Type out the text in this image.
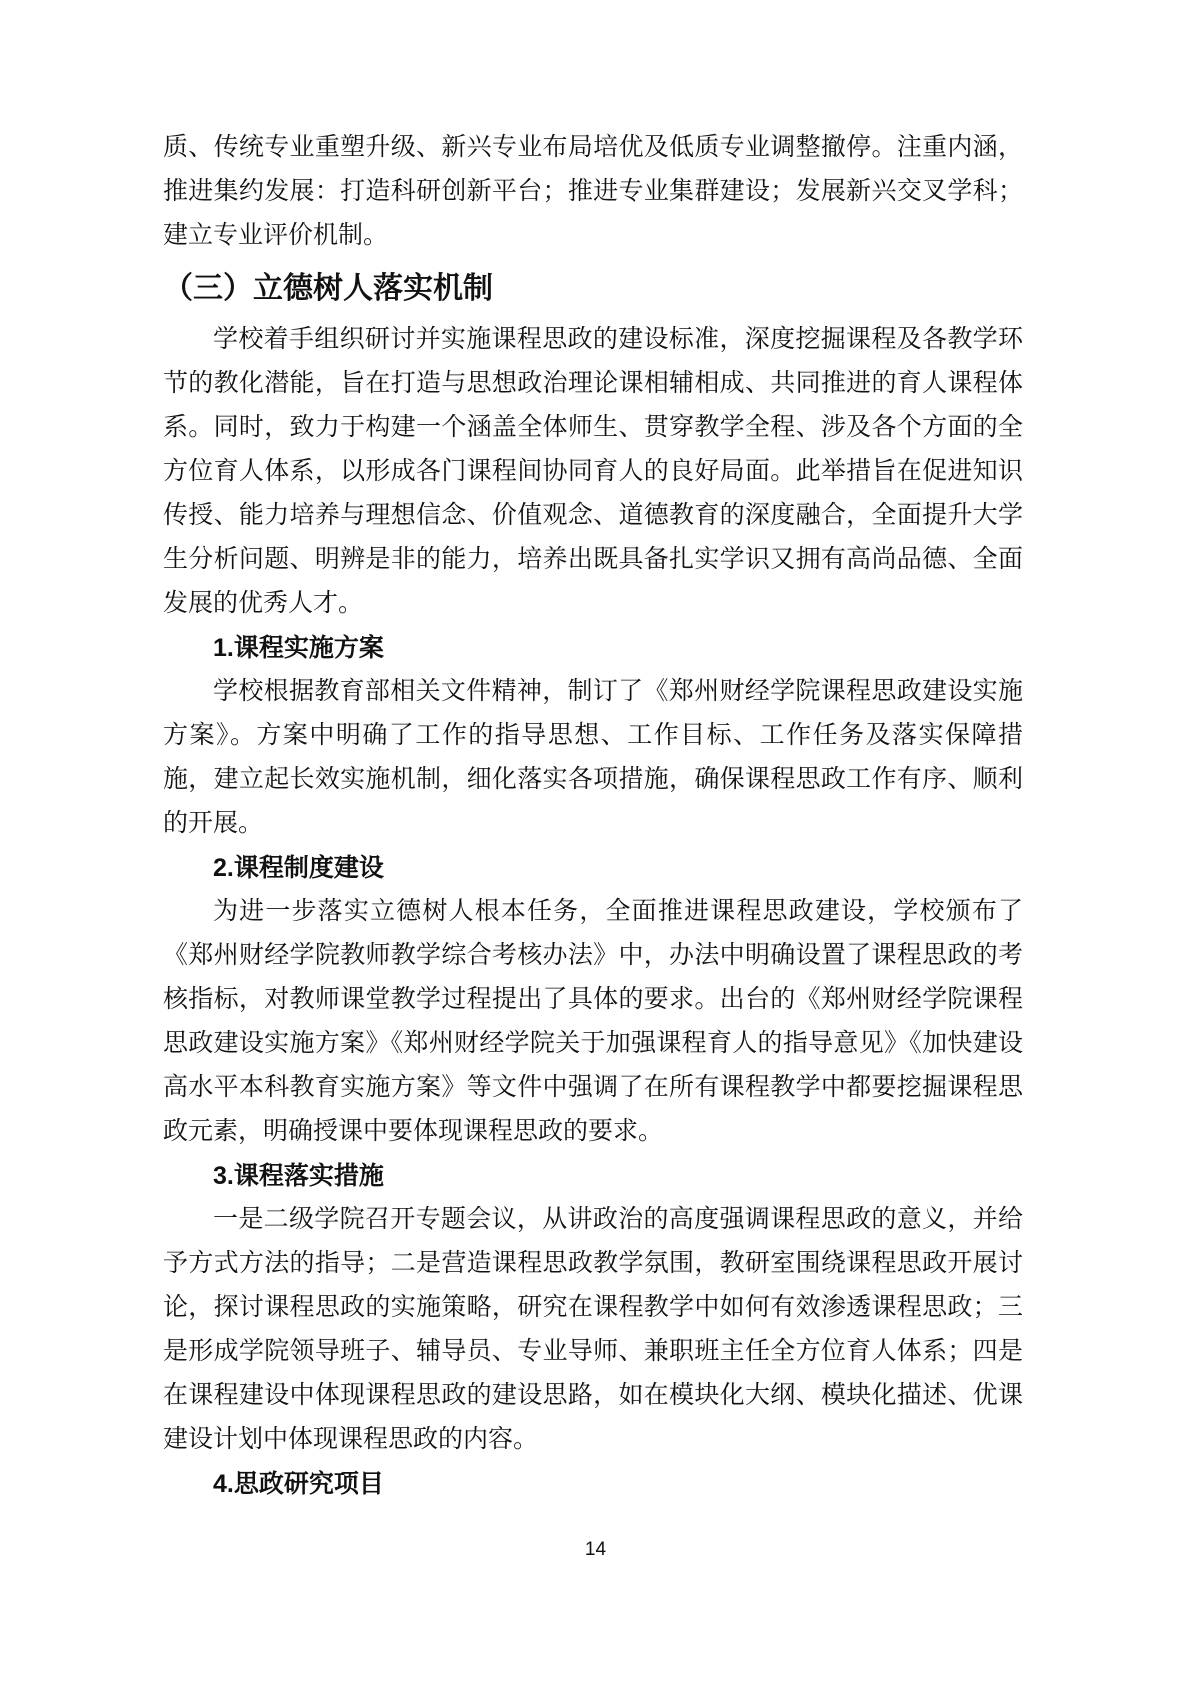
质、传统专业重塑升级、新兴专业布局培优及低质专业调整撤停。注重内涵，推进集约发展：打造科研创新平台；推进专业集群建设；发展新兴交叉学科；建立专业评价机制。

（三）立德树人落实机制

学校着手组织研讨并实施课程思政的建设标准，深度挖掘课程及各教学环节的教化潜能，旨在打造与思想政治理论课相辅相成、共同推进的育人课程体系。同时，致力于构建一个涵盖全体师生、贯穿教学全程、涉及各个方面的全方位育人体系，以形成各门课程间协同育人的良好局面。此举措旨在促进知识传授、能力培养与理想信念、价值观念、道德教育的深度融合，全面提升大学生分析问题、明辨是非的能力，培养出既具备扎实学识又拥有高尚品德、全面发展的优秀人才。

1.课程实施方案

学校根据教育部相关文件精神，制订了《郑州财经学院课程思政建设实施方案》。方案中明确了工作的指导思想、工作目标、工作任务及落实保障措施，建立起长效实施机制，细化落实各项措施，确保课程思政工作有序、顺利的开展。

2.课程制度建设

为进一步落实立德树人根本任务，全面推进课程思政建设，学校颁布了《郑州财经学院教师教学综合考核办法》中，办法中明确设置了课程思政的考核指标，对教师课堂教学过程提出了具体的要求。出台的《郑州财经学院课程思政建设实施方案》《郑州财经学院关于加强课程育人的指导意见》《加快建设高水平本科教育实施方案》等文件中强调了在所有课程教学中都要挖掘课程思政元素，明确授课中要体现课程思政的要求。

3.课程落实措施

一是二级学院召开专题会议，从讲政治的高度强调课程思政的意义，并给予方式方法的指导；二是营造课程思政教学氛围，教研室围绕课程思政开展讨论，探讨课程思政的实施策略，研究在课程教学中如何有效渗透课程思政；三是形成学院领导班子、辅导员、专业导师、兼职班主任全方位育人体系；四是在课程建设中体现课程思政的建设思路，如在模块化大纲、模块化描述、优课建设计划中体现课程思政的内容。

4.思政研究项目
14
